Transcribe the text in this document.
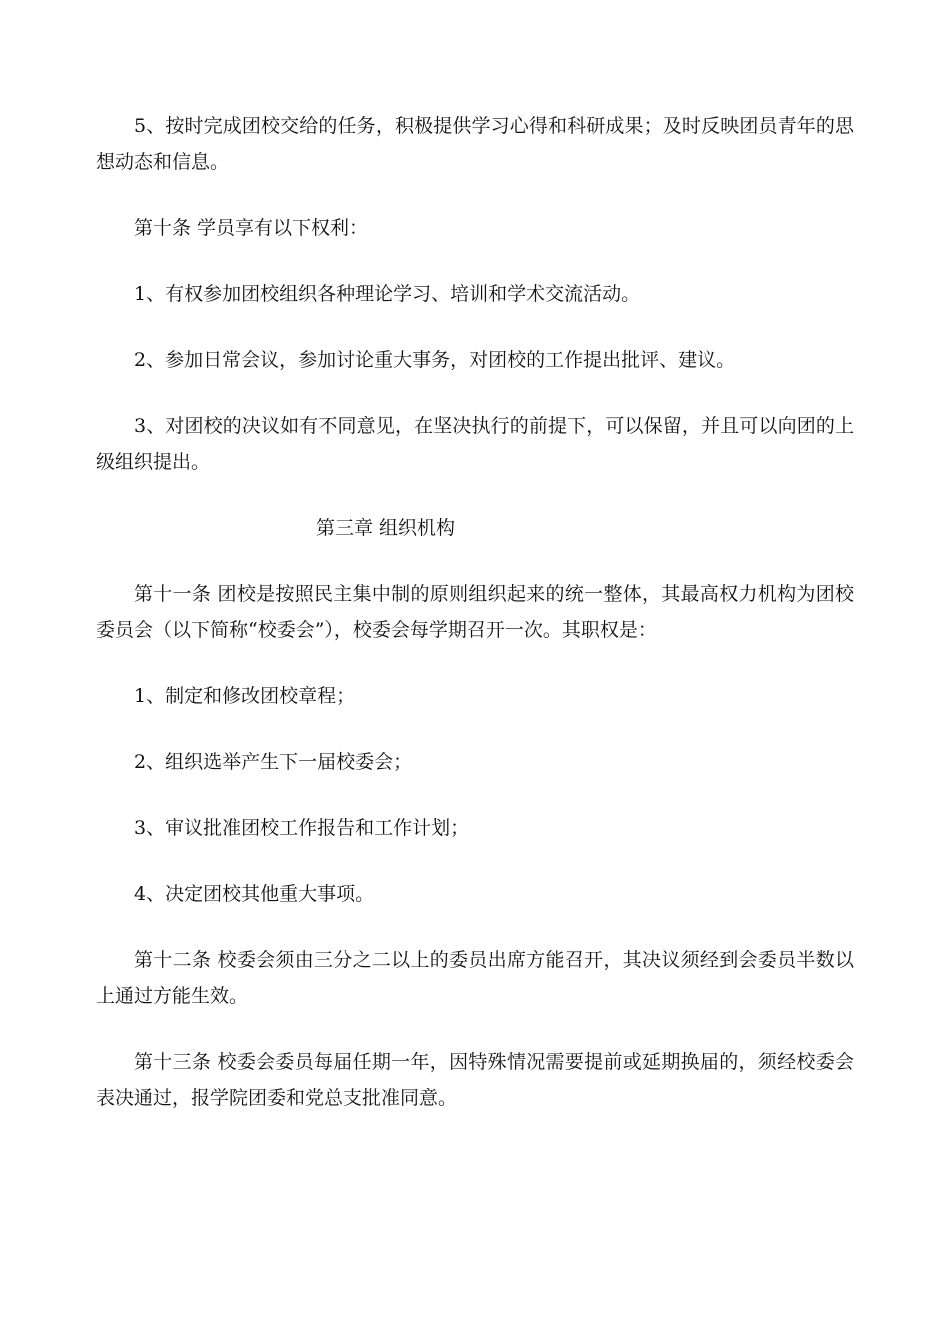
5、按时完成团校交给的任务，积极提供学习心得和科研成果；及时反映团员青年的思想动态和信息。

第十条 学员享有以下权利：

1、有权参加团校组织各种理论学习、培训和学术交流活动。

2、参加日常会议，参加讨论重大事务，对团校的工作提出批评、建议。

3、对团校的决议如有不同意见，在坚决执行的前提下，可以保留，并且可以向团的上级组织提出。

第三章 组织机构

第十一条 团校是按照民主集中制的原则组织起来的统一整体，其最高权力机构为团校委员会（以下简称“校委会”），校委会每学期召开一次。其职权是：

1、制定和修改团校章程；

2、组织选举产生下一届校委会；

3、审议批准团校工作报告和工作计划；

4、决定团校其他重大事项。

第十二条 校委会须由三分之二以上的委员出席方能召开，其决议须经到会委员半数以上通过方能生效。

第十三条 校委会委员每届任期一年，因特殊情况需要提前或延期换届的，须经校委会表决通过，报学院团委和党总支批准同意。
